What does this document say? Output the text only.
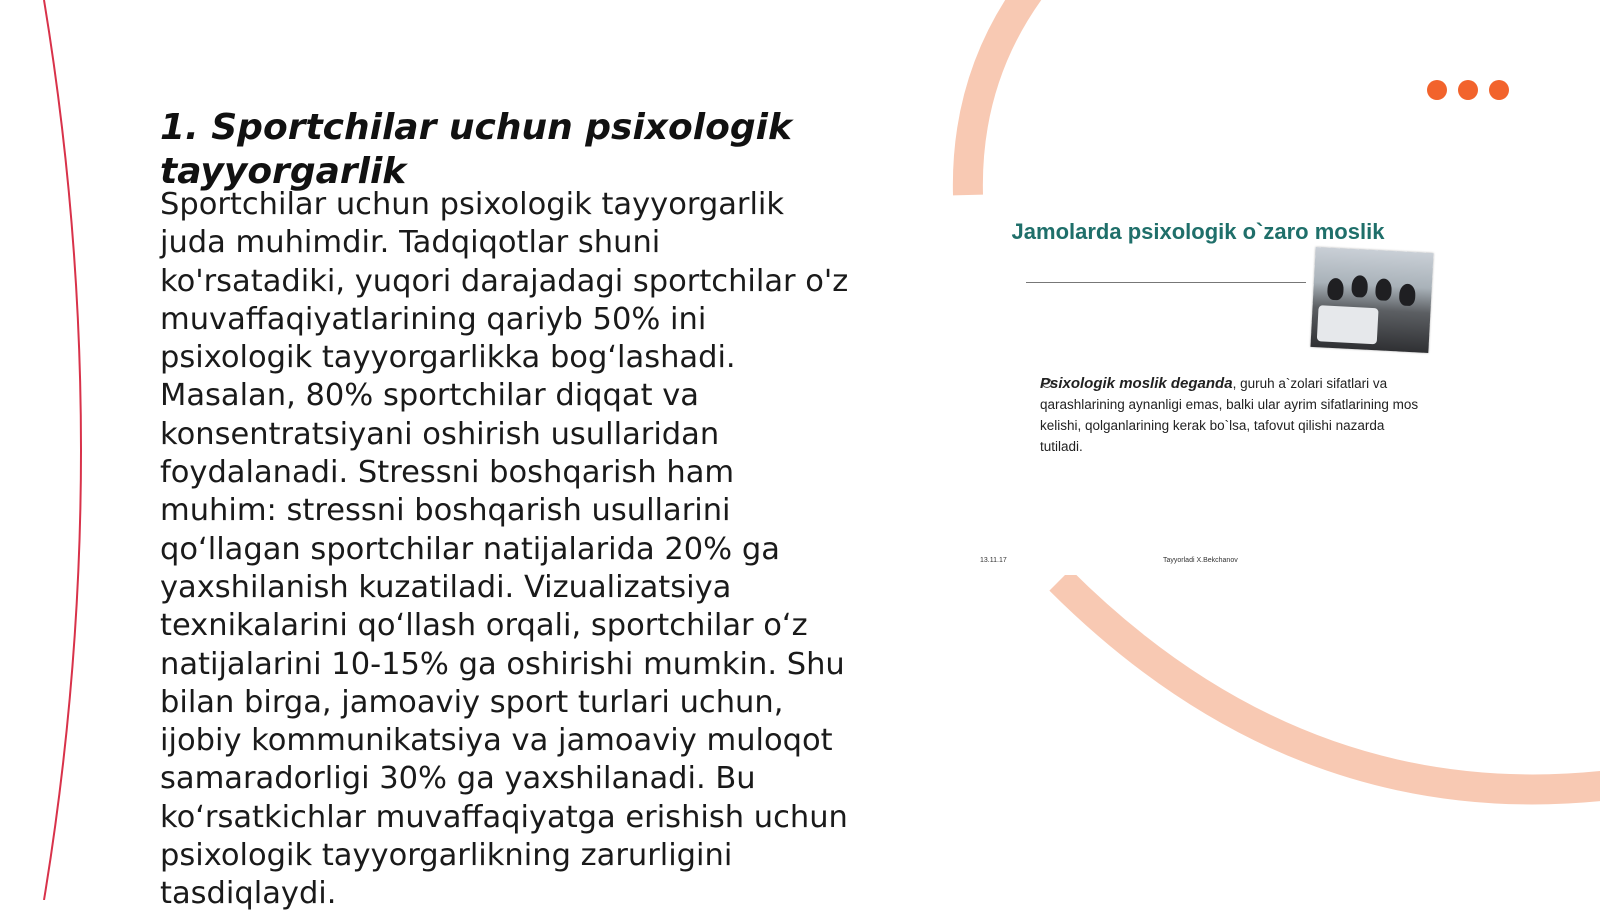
1. Sportchilar uchun psixologik tayyorgarlik

Sportchilar uchun psixologik tayyorgarlik juda muhimdir. Tadqiqotlar shuni ko'rsatadiki, yuqori darajadagi sportchilar o'z muvaffaqiyatlarining qariyb 50% ini psixologik tayyorgarlikka bogʻlashadi. Masalan, 80% sportchilar diqqat va konsentratsiyani oshirish usullaridan foydalanadi. Stressni boshqarish ham muhim: stressni boshqarish usullarini qoʻllagan sportchilar natijalarida 20% ga yaxshilanish kuzatiladi. Vizualizatsiya texnikalarini qoʻllash orqali, sportchilar oʻz natijalarini 10-15% ga oshirishi mumkin. Shu bilan birga, jamoaviy sport turlari uchun, ijobiy kommunikatsiya va jamoaviy muloqot samaradorligi 30% ga yaxshilanadi. Bu koʻrsatkichlar muvaffaqiyatga erishish uchun psixologik tayyorgarlikning zarurligini tasdiqlaydi.

Jamolarda psixologik o`zaro moslik
Psixologik moslik deganda, guruh a`zolari sifatlari va qarashlarining aynanligi emas, balki ular ayrim sifatlarining mos kelishi, qolganlarining kerak bo`lsa, tafovut qilishi nazarda tutiladi.
13.11.17	Tayyorladi X.Bekchanov
